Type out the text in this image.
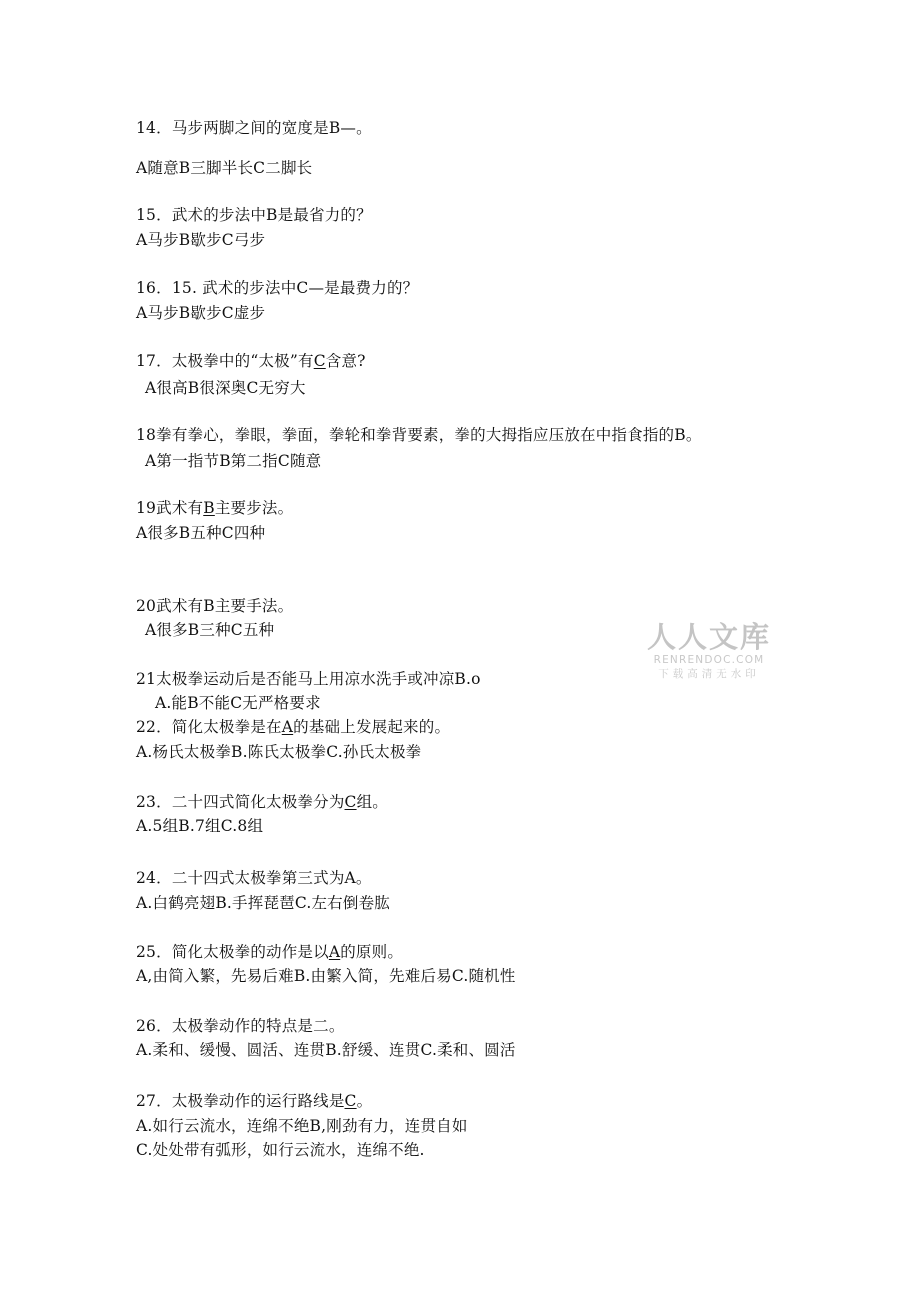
14．马步两脚之间的宽度是B—。
A随意B三脚半长C二脚长
15．武术的步法中B是最省力的？
A马步B歇步C弓步
16．15. 武术的步法中C—是最费力的？
A马步B歇步C虚步
17．太极拳中的“太极”有C含意?
A很高B很深奥C无穷大
18拳有拳心，拳眼，拳面，拳轮和拳背要素，拳的大拇指应压放在中指食指的B。
A第一指节B第二指C随意
19武术有B主要步法。
A很多B五种C四种
20武术有B主要手法。
A很多B三种C五种
21太极拳运动后是否能马上用凉水洗手或冲凉B.o
A.能B不能C无严格要求
22．简化太极拳是在A的基础上发展起来的。
A.杨氏太极拳B.陈氏太极拳C.孙氏太极拳
23．二十四式简化太极拳分为C组。
A.5组B.7组C.8组
24．二十四式太极拳第三式为A。
A.白鹤亮翅B.手挥琵琶C.左右倒卷肱
25．简化太极拳的动作是以A的原则。
A,由简入繁，先易后难B.由繁入简，先难后易C.随机性
26．太极拳动作的特点是二。
A.柔和、缓慢、圆活、连贯B.舒缓、连贯C.柔和、圆活
27．太极拳动作的运行路线是C。
A.如行云流水，连绵不绝B,刚劲有力，连贯自如
C.处处带有弧形，如行云流水，连绵不绝.
人人文库
RENRENDOC.COM
下载高清无水印
